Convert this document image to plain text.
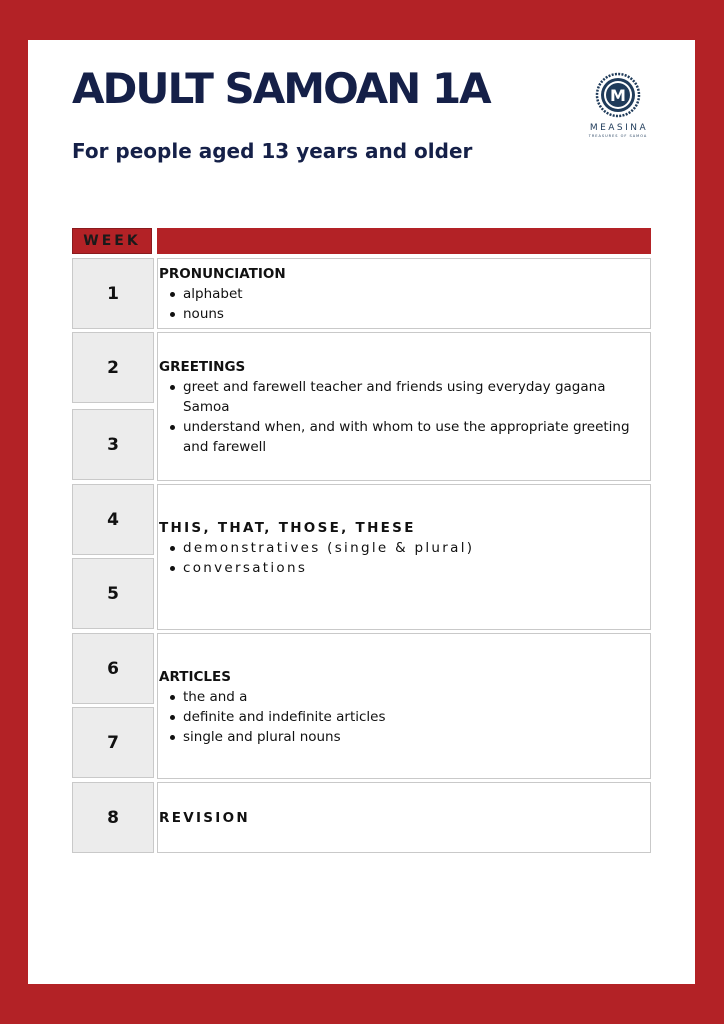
ADULT SAMOAN 1A
For people aged 13 years and older
M
MEASINA
TREASURES OF SAMOA
WEEK
1
2
3
4
5
6
7
8
PRONUNCIATION
alphabet
nouns
GREETINGS
greet and farewell teacher and friends using everyday gagana Samoa
understand when, and with whom to use the appropriate greeting and farewell
THIS, THAT, THOSE, THESE
demonstratives (single & plural)
conversations
ARTICLES
the and a
definite and indefinite articles
single and plural nouns
REVISION
